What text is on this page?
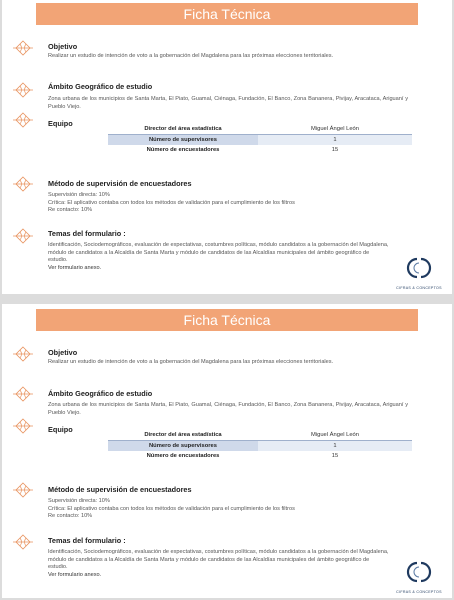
Ficha Técnica
Objetivo
Realizar un estudio de intención de voto a la gobernación del Magdalena para las próximas elecciones territoriales.
Ámbito Geográfico de estudio
Zona urbana de los municipios de Santa Marta, El Piato, Guamal, Ciénaga, Fundación, El Banco, Zona Bananera, Pivijay, Aracataca, Ariguaní y Pueblo Viejo.
Equipo
Director del área estadística	Miguel Ángel León
Número de supervisores	1
Número de encuestadores	15
Método de supervisión de encuestadores
Supervisión directa: 10%
Crítica: El aplicativo contaba con todos los métodos de validación para el cumplimiento de los filtros
Re contacto: 10%
Temas del formulario :
Identificación, Sociodemográficos, evaluación de expectativas, costumbres políticas, módulo candidatos a la gobernación del Magdalena, módulo de candidatos a la Alcaldía de Santa Marta y módulo de candidatos de las Alcaldías municipales del ámbito geográfico de estudio.
Ver formulario anexo.
CIFRAS & CONCEPTOS
Ficha Técnica
Objetivo
Realizar un estudio de intención de voto a la gobernación del Magdalena para las próximas elecciones territoriales.
Ámbito Geográfico de estudio
Zona urbana de los municipios de Santa Marta, El Piato, Guamal, Ciénaga, Fundación, El Banco, Zona Bananera, Pivijay, Aracataca, Ariguaní y Pueblo Viejo.
Equipo
Director del área estadística	Miguel Ángel León
Número de supervisores	1
Número de encuestadores	15
Método de supervisión de encuestadores
Supervisión directa: 10%
Crítica: El aplicativo contaba con todos los métodos de validación para el cumplimiento de los filtros
Re contacto: 10%
Temas del formulario :
Identificación, Sociodemográficos, evaluación de expectativas, costumbres políticas, módulo candidatos a la gobernación del Magdalena, módulo de candidatos a la Alcaldía de Santa Marta y módulo de candidatos de las Alcaldías municipales del ámbito geográfico de estudio.
Ver formulario anexo.
CIFRAS & CONCEPTOS
